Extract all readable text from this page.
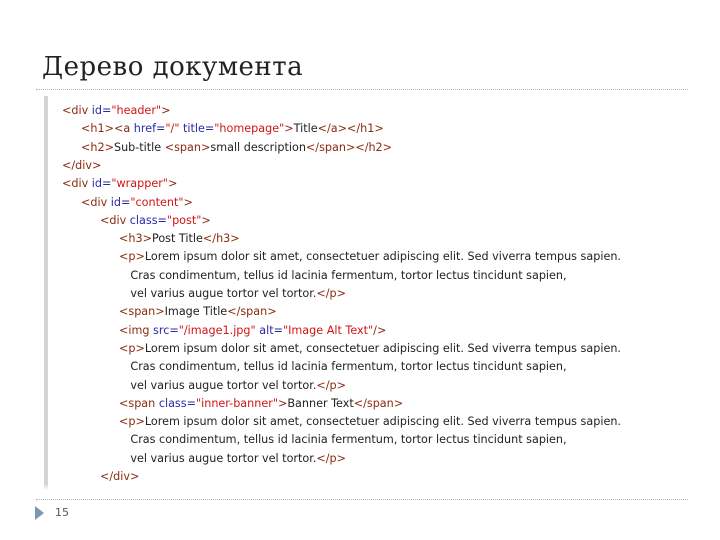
Дерево документа
<div id="header">
<h1><a href="/" title="homepage">Title</a></h1>
<h2>Sub-title <span>small description</span></h2>
</div>
<div id="wrapper">
<div id="content">
<div class="post">
<h3>Post Title</h3>
<p>Lorem ipsum dolor sit amet, consectetuer adipiscing elit. Sed viverra tempus sapien.
Cras condimentum, tellus id lacinia fermentum, tortor lectus tincidunt sapien,
vel varius augue tortor vel tortor.</p>
<span>Image Title</span>
<img src="/image1.jpg" alt="Image Alt Text"/>
<p>Lorem ipsum dolor sit amet, consectetuer adipiscing elit. Sed viverra tempus sapien.
Cras condimentum, tellus id lacinia fermentum, tortor lectus tincidunt sapien,
vel varius augue tortor vel tortor.</p>
<span class="inner-banner">Banner Text</span>
<p>Lorem ipsum dolor sit amet, consectetuer adipiscing elit. Sed viverra tempus sapien.
Cras condimentum, tellus id lacinia fermentum, tortor lectus tincidunt sapien,
vel varius augue tortor vel tortor.</p>
</div>
15
